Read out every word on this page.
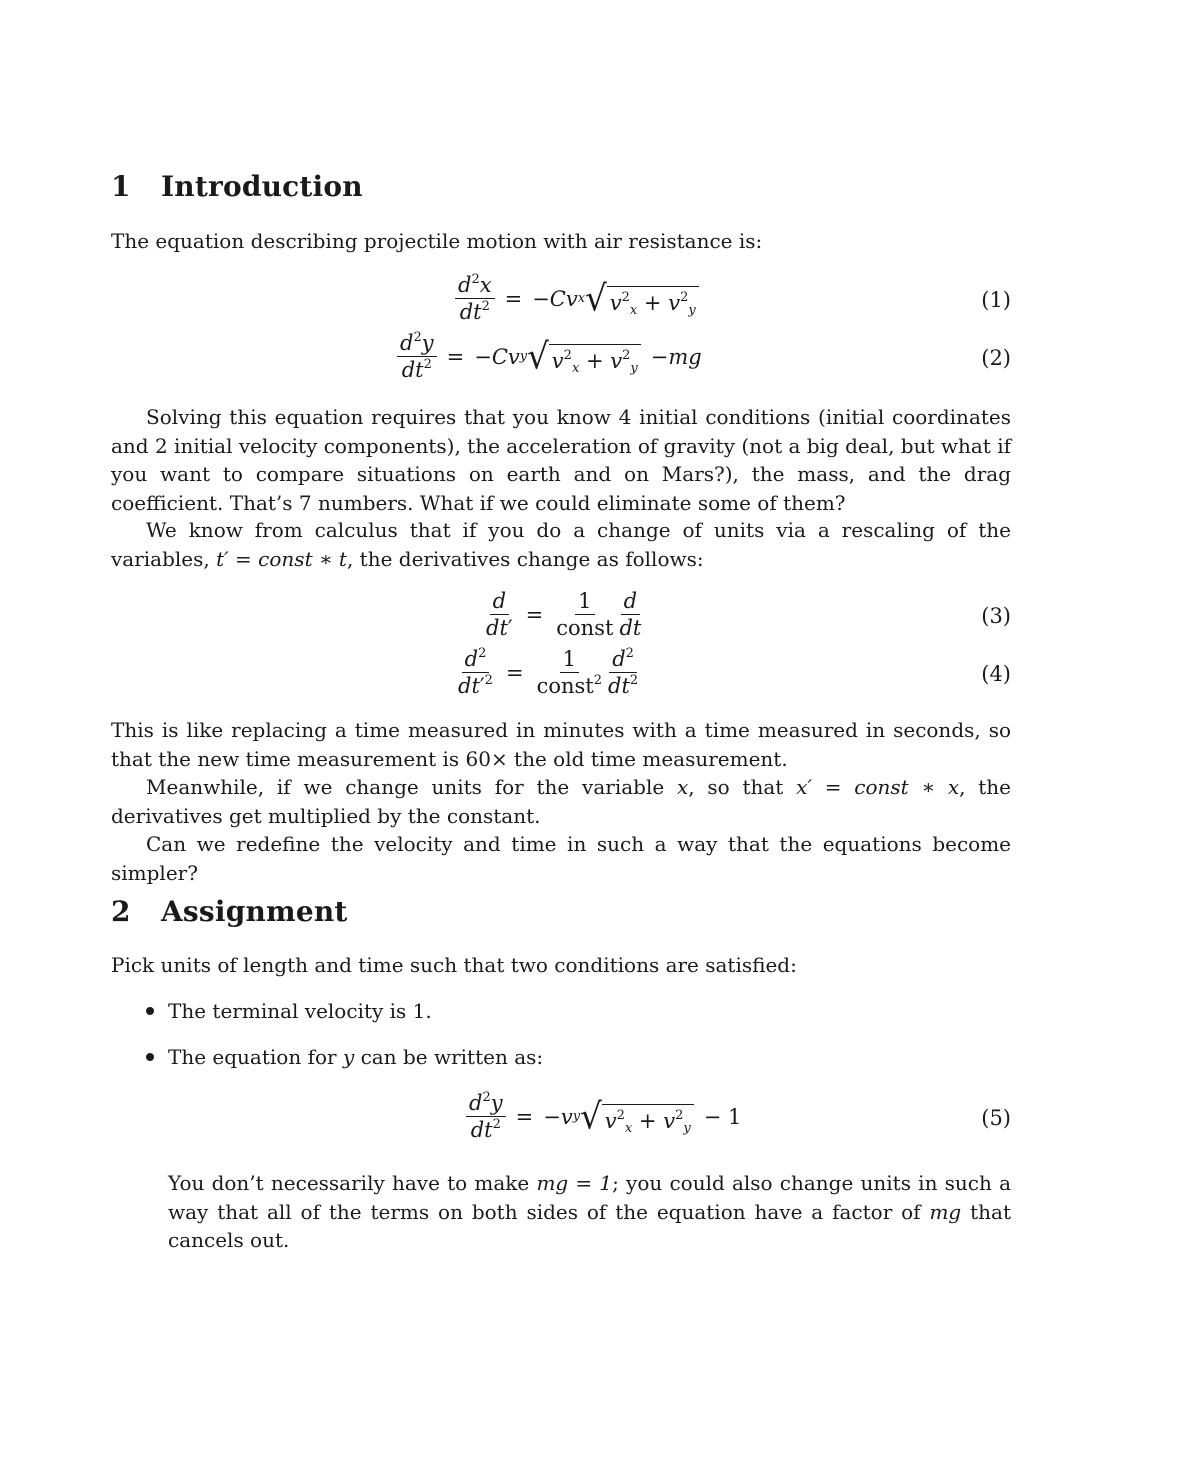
1 Introduction

The equation describing projectile motion with air resistance is:

$\frac{d^2x}{dt^2}$ = − Cv x √ $v^2_x + v^2_y$	(1)
$\frac{d^2y}{dt^2}$ = − Cv y √ $v^2_x + v^2_y$ − mg	(2)

Solving this equation requires that you know 4 initial conditions (initial coordinates and 2 initial velocity components), the acceleration of gravity (not a big deal, but what if you want to compare situations on earth and on Mars?), the mass, and the drag coefficient. That’s 7 numbers. What if we could eliminate some of them?

We know from calculus that if you do a change of units via a rescaling of the variables, t′ = const ∗ t, the derivatives change as follows:

$\frac{d}{dt'} = \frac{1}{\text{const}} \frac{d}{dt}$	(3)
$\frac{d^2}{dt'^2} = \frac{1}{const^2} \frac{d^2}{dt^2}$	(4)

This is like replacing a time measured in minutes with a time measured in seconds, so that the new time measurement is 60× the old time measurement.

Meanwhile, if we change units for the variable x, so that x′ = const ∗ x, the derivatives get multiplied by the constant.

Can we redefine the velocity and time in such a way that the equations become simpler?

2 Assignment

Pick units of length and time such that two conditions are satisfied:

The terminal velocity is 1.
The equation for y can be written as:
$\frac{d^2y}{dt^2}$ = − v y √ $v^2_x + v^2_y - 1$	(5)

You don’t necessarily have to make mg = 1; you could also change units in such a way that all of the terms on both sides of the equation have a factor of mg that cancels out.
